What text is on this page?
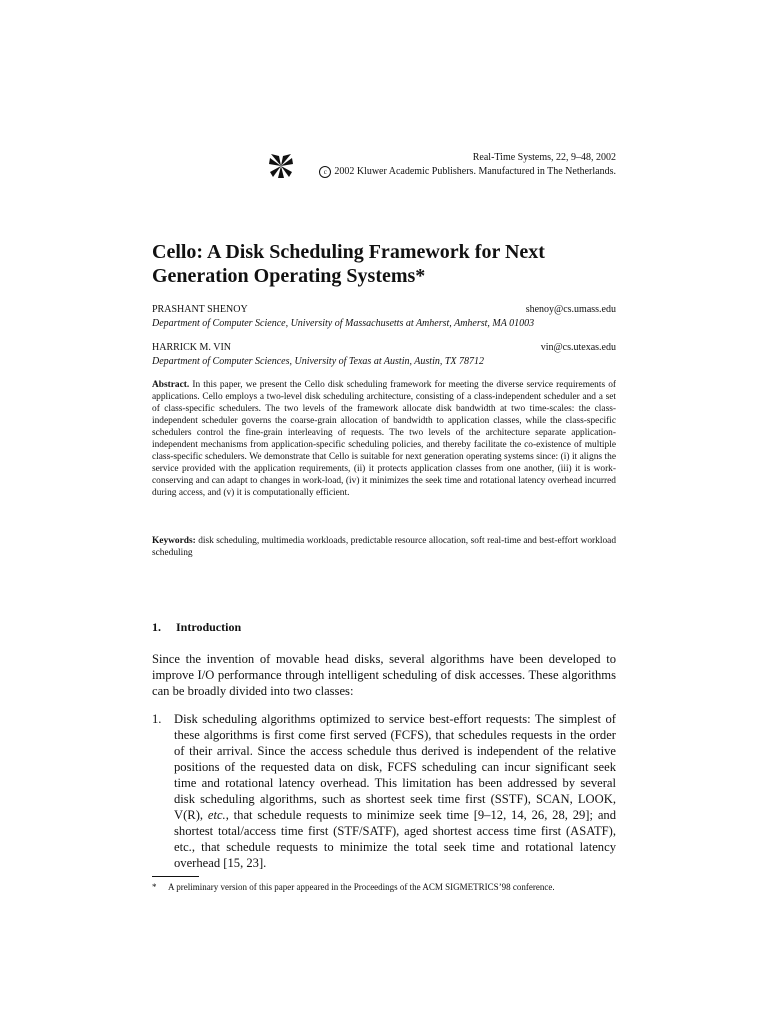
Real-Time Systems, 22, 9–48, 2002
c 2002 Kluwer Academic Publishers. Manufactured in The Netherlands.
Cello: A Disk Scheduling Framework for Next Generation Operating Systems*
PRASHANT SHENOY	shenoy@cs.umass.edu
Department of Computer Science, University of Massachusetts at Amherst, Amherst, MA 01003
HARRICK M. VIN	vin@cs.utexas.edu
Department of Computer Sciences, University of Texas at Austin, Austin, TX 78712

Abstract. In this paper, we present the Cello disk scheduling framework for meeting the diverse service requirements of applications. Cello employs a two-level disk scheduling architecture, consisting of a class-independent scheduler and a set of class-specific schedulers. The two levels of the framework allocate disk bandwidth at two time-scales: the class-independent scheduler governs the coarse-grain allocation of bandwidth to application classes, while the class-specific schedulers control the fine-grain interleaving of requests. The two levels of the architecture separate application-independent mechanisms from application-specific scheduling policies, and thereby facilitate the co-existence of multiple class-specific schedulers. We demonstrate that Cello is suitable for next generation operating systems since: (i) it aligns the service provided with the application requirements, (ii) it protects application classes from one another, (iii) it is work-conserving and can adapt to changes in work-load, (iv) it minimizes the seek time and rotational latency overhead incurred during access, and (v) it is computationally efficient.

Keywords: disk scheduling, multimedia workloads, predictable resource allocation, soft real-time and best-effort workload scheduling

1. Introduction

Since the invention of movable head disks, several algorithms have been developed to improve I/O performance through intelligent scheduling of disk accesses. These algorithms can be broadly divided into two classes:

1. Disk scheduling algorithms optimized to service best-effort requests: The simplest of these algorithms is first come first served (FCFS), that schedules requests in the order of their arrival. Since the access schedule thus derived is independent of the relative positions of the requested data on disk, FCFS scheduling can incur significant seek time and rotational latency overhead. This limitation has been addressed by several disk scheduling algorithms, such as shortest seek time first (SSTF), SCAN, LOOK, V(R), etc., that schedule requests to minimize seek time [9–12, 14, 26, 28, 29]; and shortest total/access time first (STF/SATF), aged shortest access time first (ASATF), etc., that schedule requests to minimize the total seek time and rotational latency overhead [15, 23].

* A preliminary version of this paper appeared in the Proceedings of the ACM SIGMETRICS’98 conference.
